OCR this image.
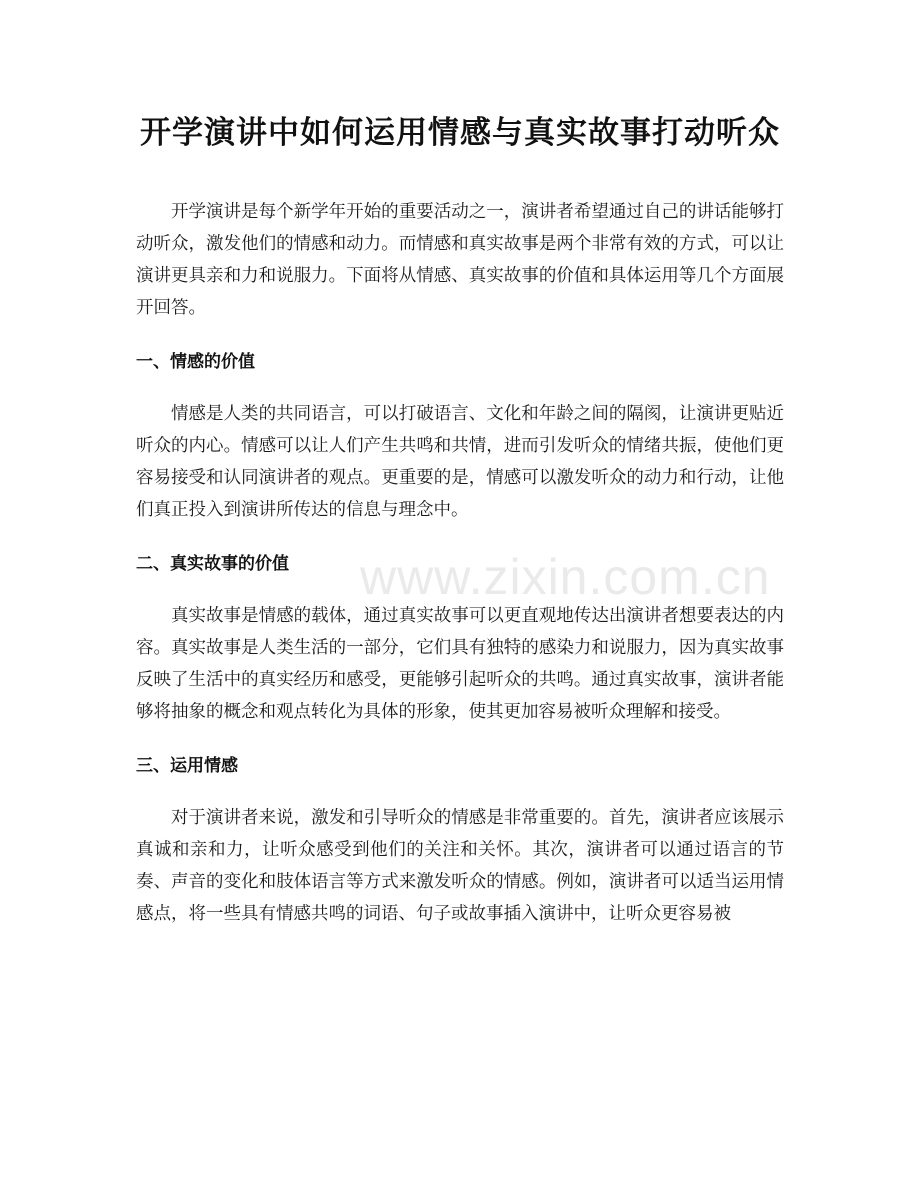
开学演讲中如何运用情感与真实故事打动听众

开学演讲是每个新学年开始的重要活动之一，演讲者希望通过自己的讲话能够打动听众，激发他们的情感和动力。而情感和真实故事是两个非常有效的方式，可以让演讲更具亲和力和说服力。下面将从情感、真实故事的价值和具体运用等几个方面展开回答。

一、情感的价值

情感是人类的共同语言，可以打破语言、文化和年龄之间的隔阂，让演讲更贴近听众的内心。情感可以让人们产生共鸣和共情，进而引发听众的情绪共振，使他们更容易接受和认同演讲者的观点。更重要的是，情感可以激发听众的动力和行动，让他们真正投入到演讲所传达的信息与理念中。

二、真实故事的价值

真实故事是情感的载体，通过真实故事可以更直观地传达出演讲者想要表达的内容。真实故事是人类生活的一部分，它们具有独特的感染力和说服力，因为真实故事反映了生活中的真实经历和感受，更能够引起听众的共鸣。通过真实故事，演讲者能够将抽象的概念和观点转化为具体的形象，使其更加容易被听众理解和接受。

三、运用情感

对于演讲者来说，激发和引导听众的情感是非常重要的。首先，演讲者应该展示真诚和亲和力，让听众感受到他们的关注和关怀。其次，演讲者可以通过语言的节奏、声音的变化和肢体语言等方式来激发听众的情感。例如，演讲者可以适当运用情感点，将一些具有情感共鸣的词语、句子或故事插入演讲中，让听众更容易被

www.zixin.com.cn
